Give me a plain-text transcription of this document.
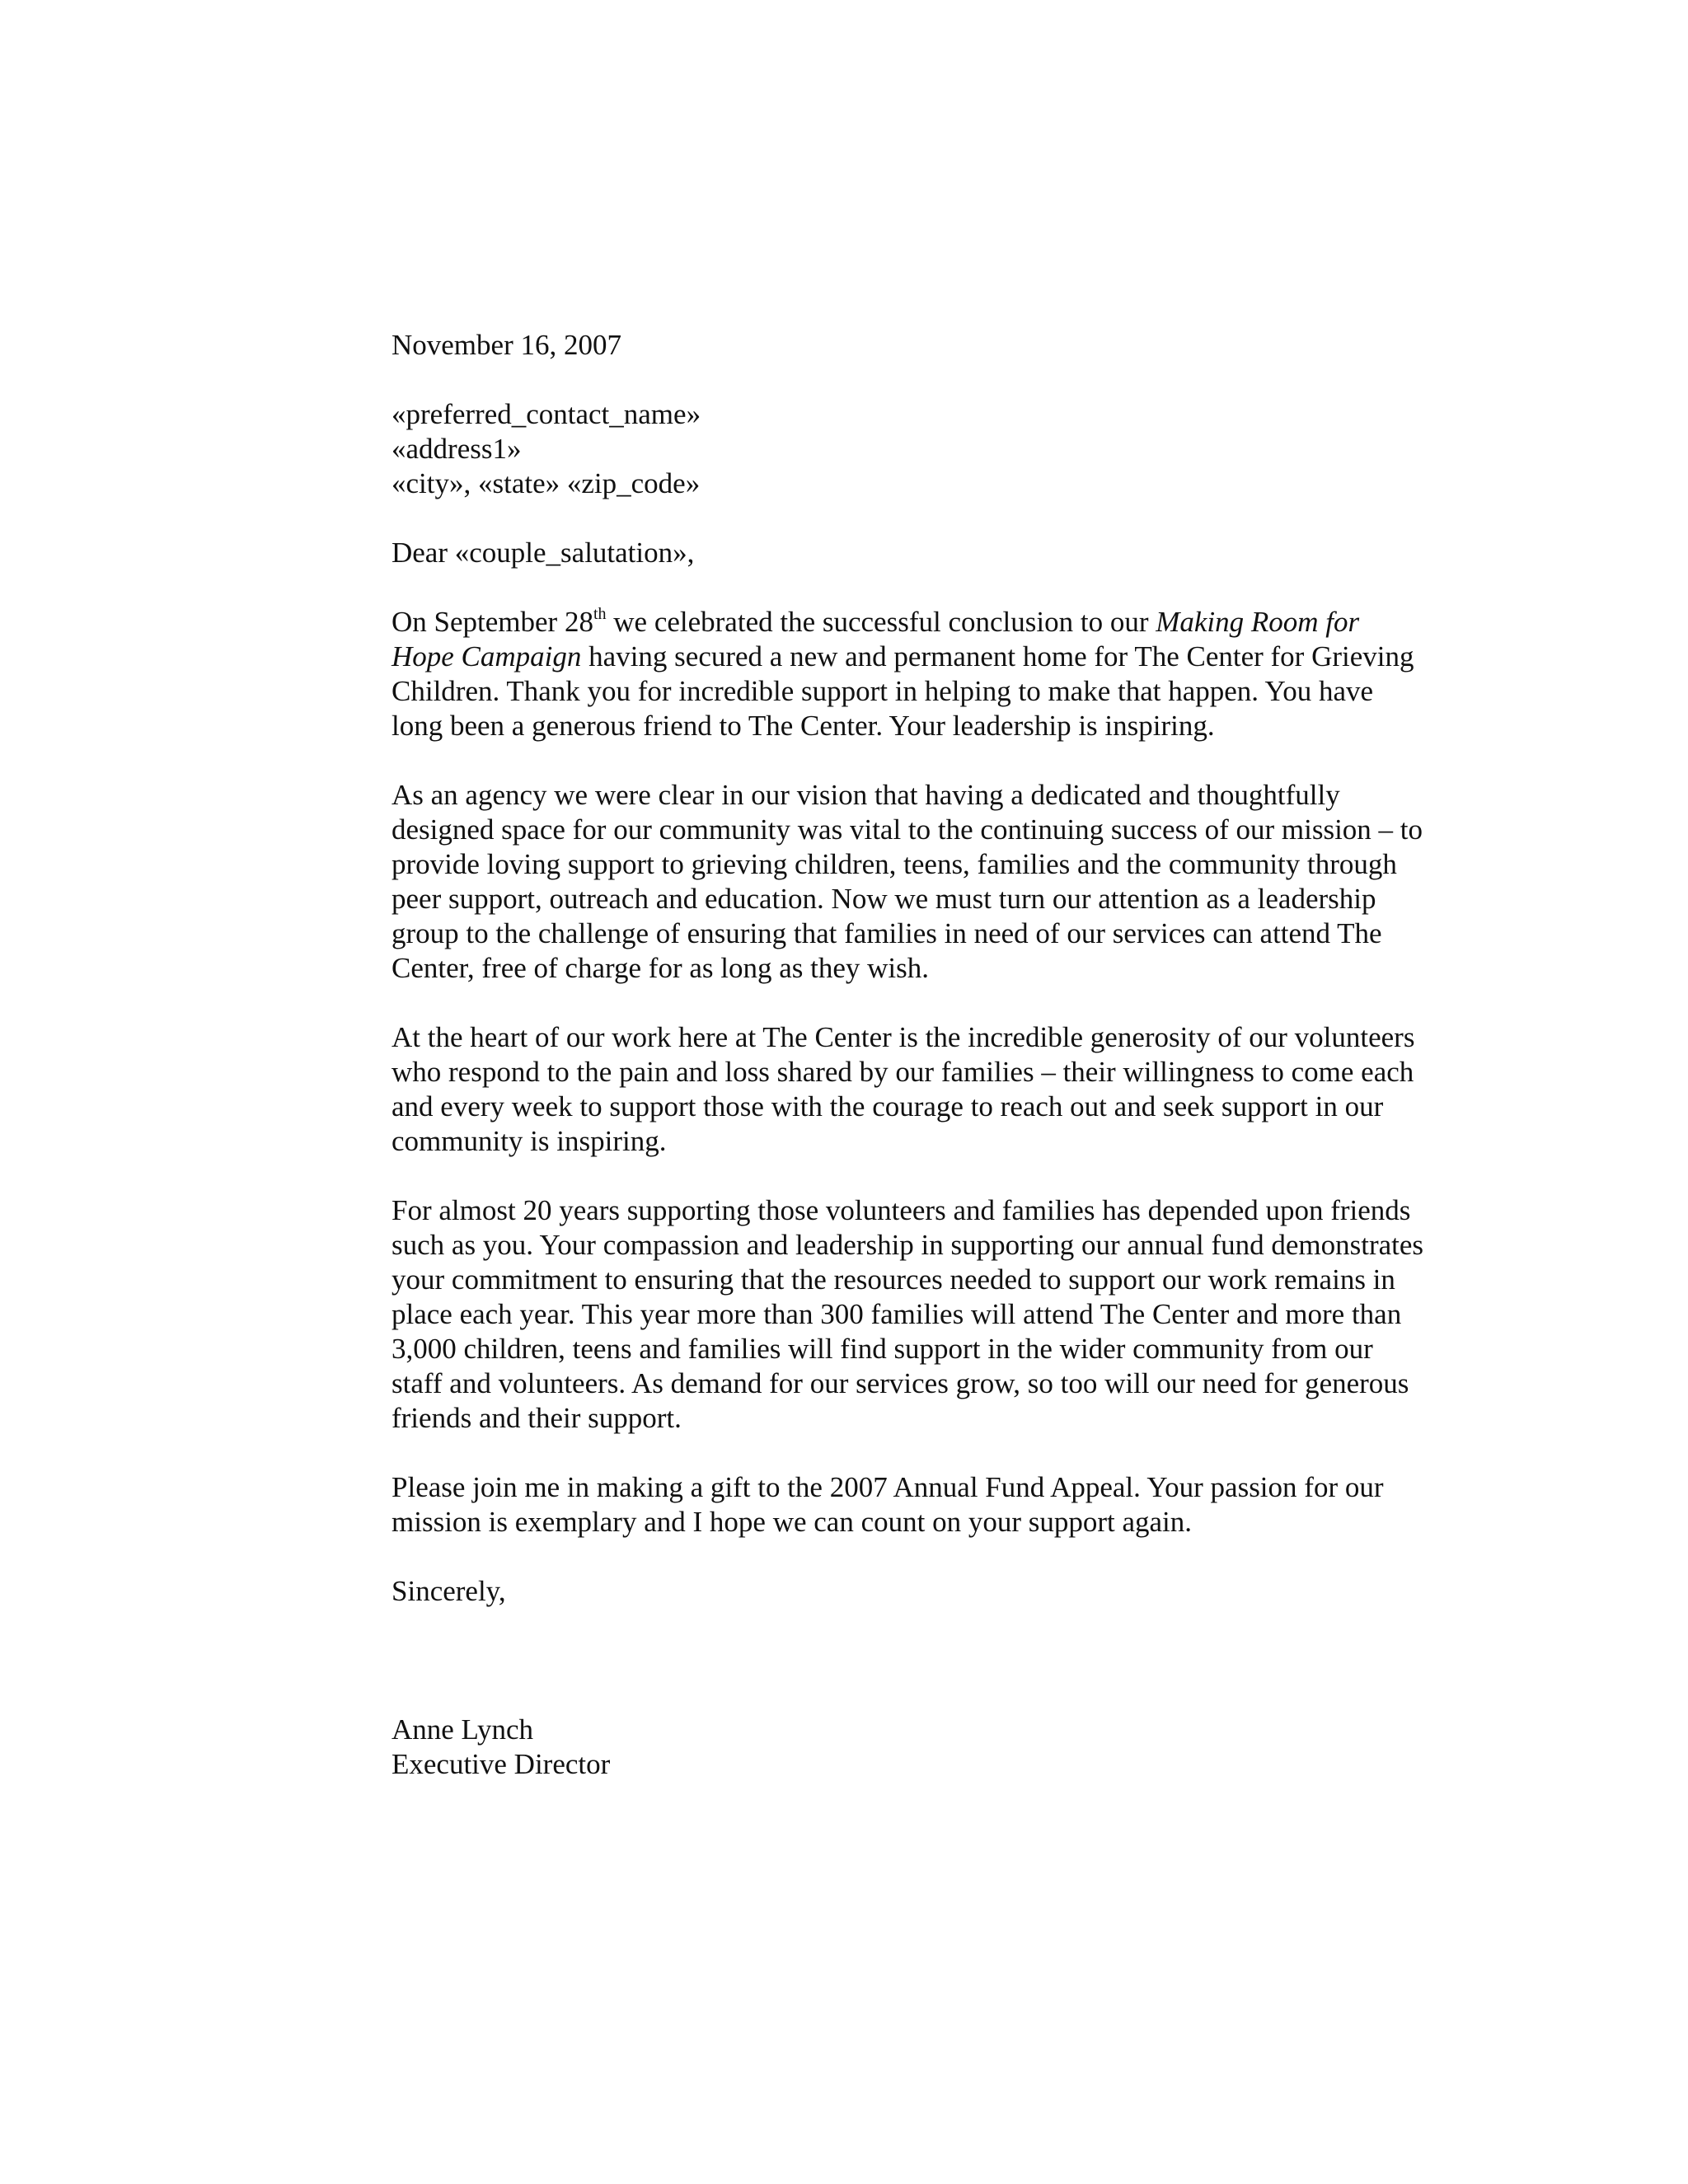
November 16, 2007
«preferred_contact_name»
«address1»
«city», «state» «zip_code»
Dear «couple_salutation»,
On September 28th we celebrated the successful conclusion to our Making Room for
Hope Campaign having secured a new and permanent home for The Center for Grieving
Children. Thank you for incredible support in helping to make that happen. You have
long been a generous friend to The Center. Your leadership is inspiring.
As an agency we were clear in our vision that having a dedicated and thoughtfully
designed space for our community was vital to the continuing success of our mission – to
provide loving support to grieving children, teens, families and the community through
peer support, outreach and education. Now we must turn our attention as a leadership
group to the challenge of ensuring that families in need of our services can attend The
Center, free of charge for as long as they wish.
At the heart of our work here at The Center is the incredible generosity of our volunteers
who respond to the pain and loss shared by our families – their willingness to come each
and every week to support those with the courage to reach out and seek support in our
community is inspiring.
For almost 20 years supporting those volunteers and families has depended upon friends
such as you. Your compassion and leadership in supporting our annual fund demonstrates
your commitment to ensuring that the resources needed to support our work remains in
place each year. This year more than 300 families will attend The Center and more than
3,000 children, teens and families will find support in the wider community from our
staff and volunteers. As demand for our services grow, so too will our need for generous
friends and their support.
Please join me in making a gift to the 2007 Annual Fund Appeal. Your passion for our
mission is exemplary and I hope we can count on your support again.
Sincerely,
Anne Lynch
Executive Director
